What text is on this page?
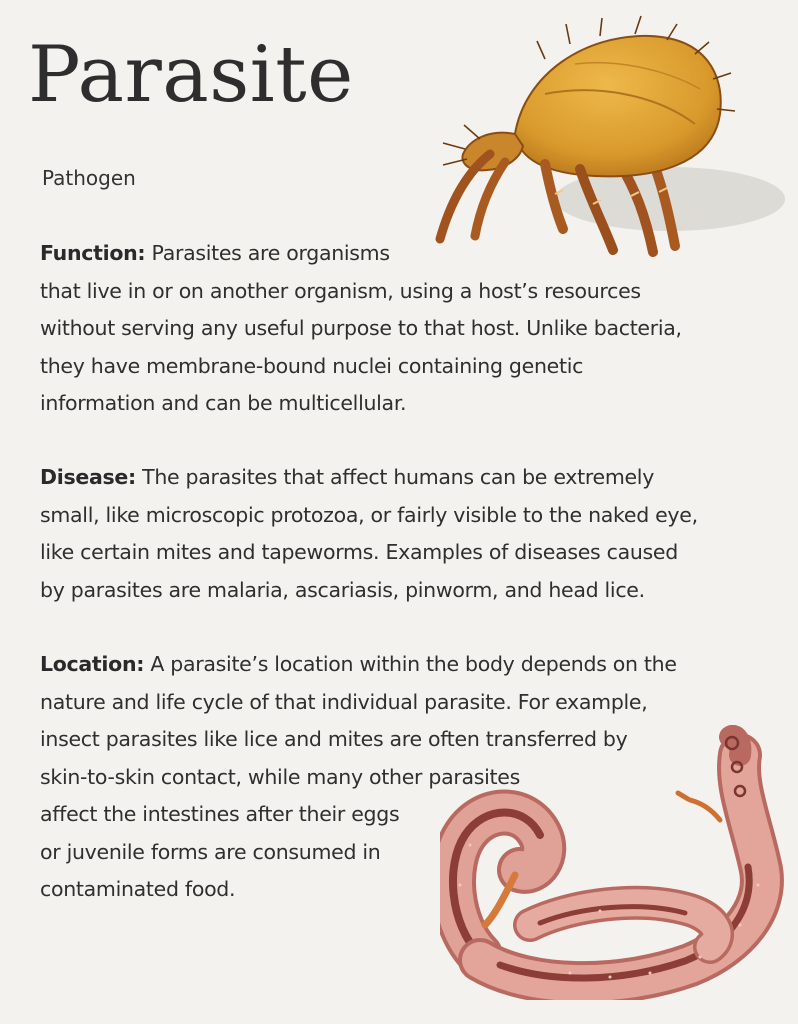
Parasite
Pathogen

Function: Parasites are organisms
that live in or on another organism, using a host’s resources
without serving any useful purpose to that host. Unlike bacteria,
they have membrane-bound nuclei containing genetic
information and can be multicellular.

Disease: The parasites that affect humans can be extremely
small, like microscopic protozoa, or fairly visible to the naked eye,
like certain mites and tapeworms. Examples of diseases caused
by parasites are malaria, ascariasis, pinworm, and head lice.

Location: A parasite’s location within the body depends on the
nature and life cycle of that individual parasite. For example,
insect parasites like lice and mites are often transferred by
skin-to-skin contact, while many other parasites
affect the intestines after their eggs
or juvenile forms are consumed in
contaminated food.
